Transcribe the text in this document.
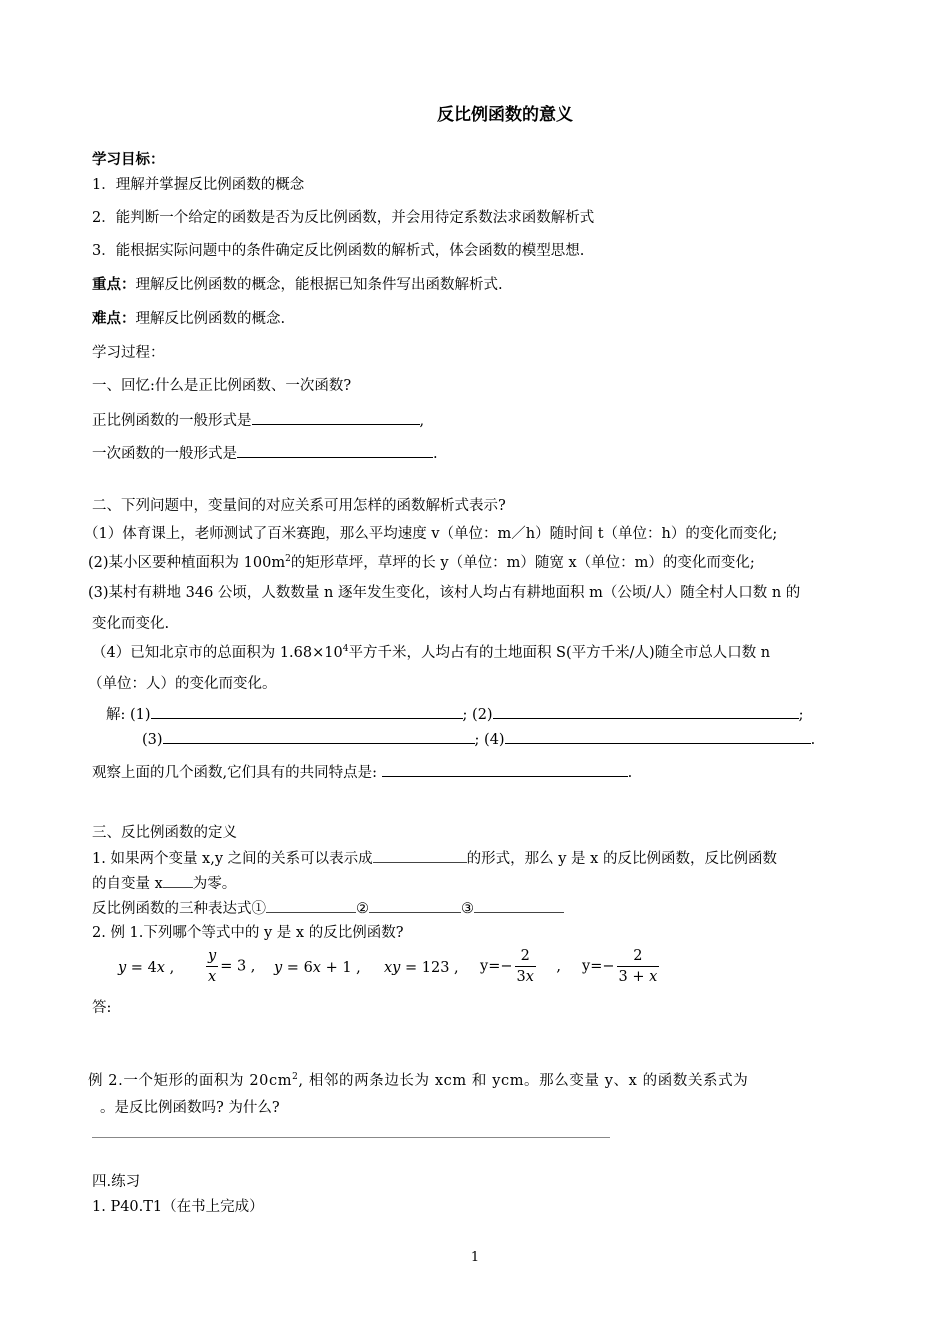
反比例函数的意义
学习目标：
1．理解并掌握反比例函数的概念
2．能判断一个给定的函数是否为反比例函数，并会用待定系数法求函数解析式
3．能根据实际问题中的条件确定反比例函数的解析式，体会函数的模型思想.
重点：理解反比例函数的概念，能根据已知条件写出函数解析式.
难点：理解反比例函数的概念.
学习过程：
一、回忆:什么是正比例函数、一次函数?
正比例函数的一般形式是	,
一次函数的一般形式是	.
二、下列问题中，变量间的对应关系可用怎样的函数解析式表示?
（1）体育课上，老师测试了百米赛跑，那么平均速度 v（单位：m／h）随时间 t（单位：h）的变化而变化;
(2)某小区要种植面积为 $100m^2$的矩形草坪，草坪的长 y（单位：m）随宽 x（单位：m）的变化而变化;
(3)某村有耕地 346 公顷，人数数量 n 逐年发生变化，该村人均占有耕地面积 m（公顷/人）随全村人口数 n 的
变化而变化.
（4）已知北京市的总面积为 $1.68\times 10^4$平方千米，人均占有的土地面积 S(平方千米/人)随全市总人口数 n
（单位：人）的变化而变化。
解: (1)	; (2)	;
(3)	; (4)	.
观察上面的几个函数,它们具有的共同特点是:	.
三、反比例函数的定义
1. 如果两个变量 x,y 之间的关系可以表示成	的形式，那么 y 是 x 的反比例函数，反比例函数
的自变量 x 为零。
反比例函数的三种表达式①	②	③
2. 例 1.下列哪个等式中的 y 是 x 的反比例函数?
y = 4x , $\frac{y}{x} = 3$ , y = 6x + 1 , xy = 123 , $y=- \frac{2}{3x}$ , $y=- \frac{2}{3 + x}$
答:
例 2.一个矩形的面积为 $20cm^2$, 相邻的两条边长为 xcm 和 ycm。那么变量 y、x 的函数关系式为
。是反比例函数吗? 为什么?
四.练习
1. P40.T1（在书上完成）
1
